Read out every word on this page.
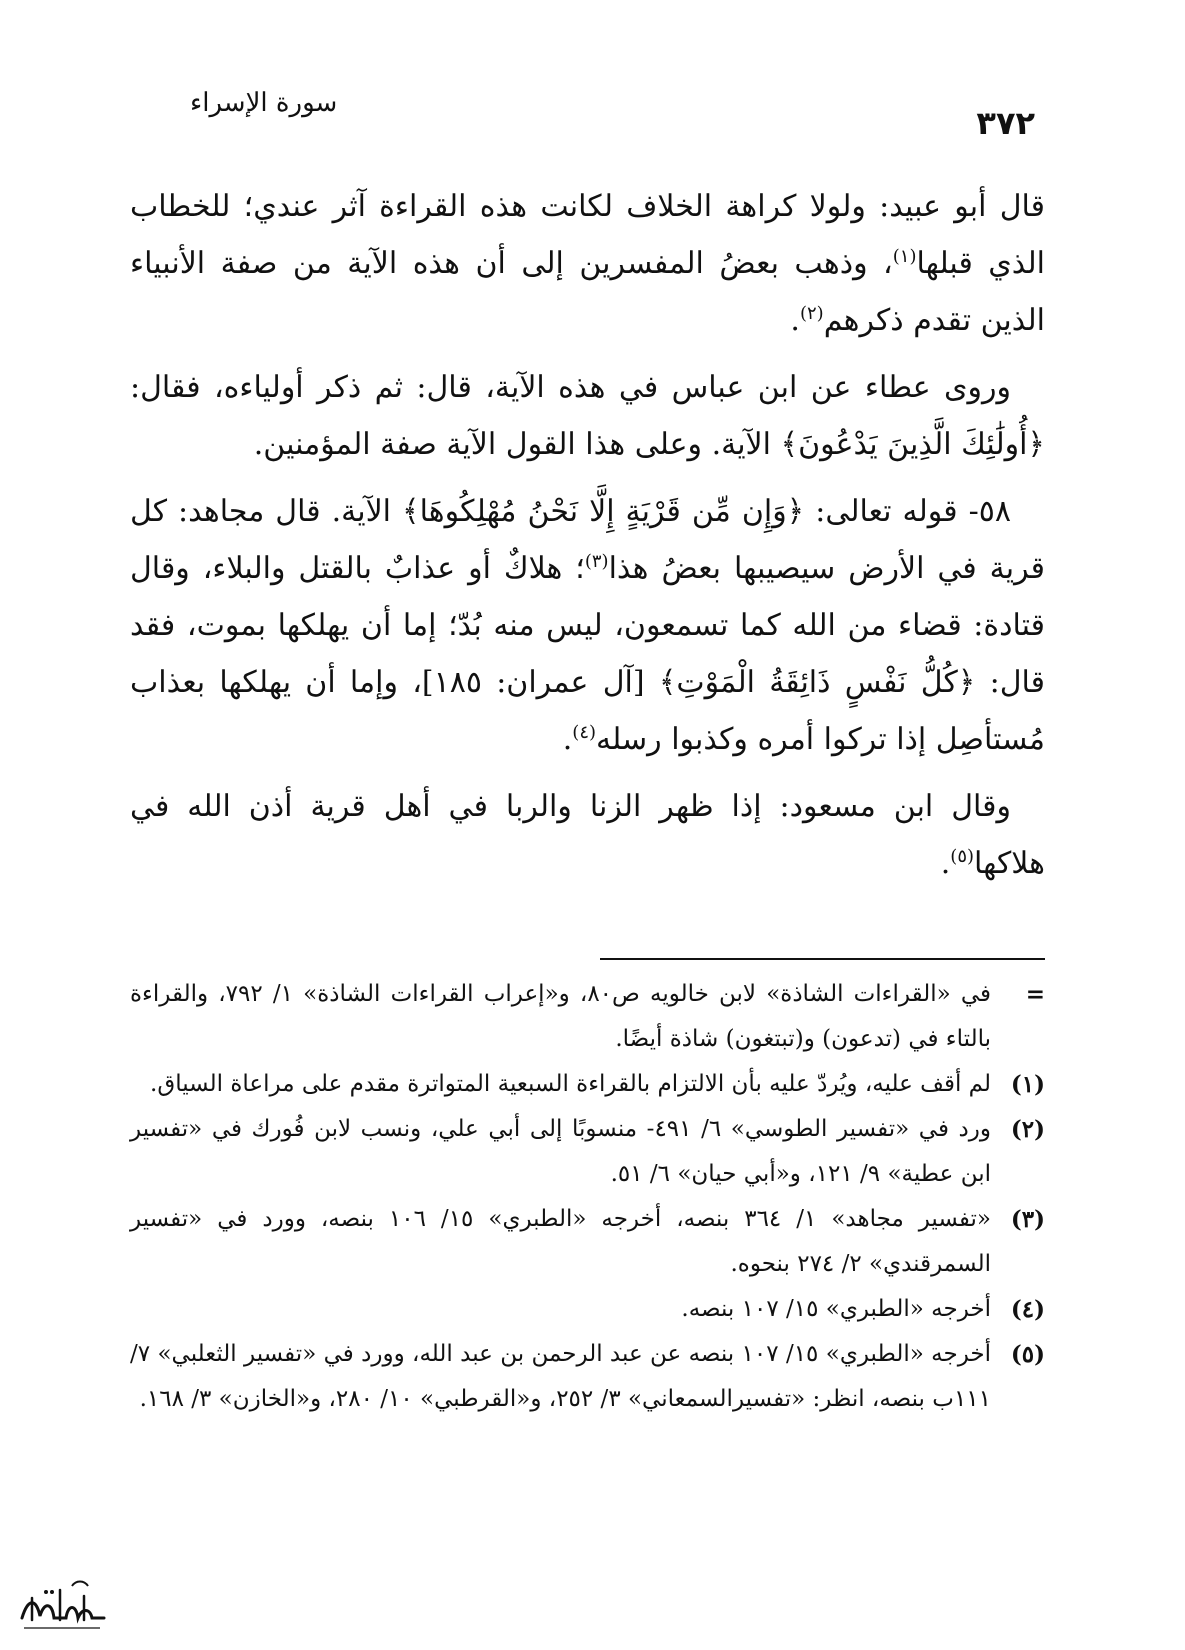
٣٧٢
سورة الإسراء

قال أبو عبيد: ولولا كراهة الخلاف لكانت هذه القراءة آثر عندي؛ للخطاب الذي قبلها$^{(١)}$، وذهب بعضُ المفسرين إلى أن هذه الآية من صفة الأنبياء الذين تقدم ذكرهم$^{(٢)}$.

وروى عطاء عن ابن عباس في هذه الآية، قال: ثم ذكر أولياءه، فقال: ﴿أُولَٰئِكَ الَّذِينَ يَدْعُونَ﴾ الآية. وعلى هذا القول الآية صفة المؤمنين.

٥٨- قوله تعالى: ﴿وَإِن مِّن قَرْيَةٍ إِلَّا نَحْنُ مُهْلِكُوهَا﴾ الآية. قال مجاهد: كل قرية في الأرض سيصيبها بعضُ هذا$^{(٣)}$؛ هلاكٌ أو عذابٌ بالقتل والبلاء، وقال قتادة: قضاء من الله كما تسمعون، ليس منه بُدّ؛ إما أن يهلكها بموت، فقد قال: ﴿كُلُّ نَفْسٍ ذَائِقَةُ الْمَوْتِ﴾ [آل عمران: ١٨٥]، وإما أن يهلكها بعذاب مُستأصِل إذا تركوا أمره وكذبوا رسله$^{(٤)}$.

وقال ابن مسعود: إذا ظهر الزنا والربا في أهل قرية أذن الله في هلاكها$^{(٥)}$.

=
في «القراءات الشاذة» لابن خالويه ص٨٠، و«إعراب القراءات الشاذة» ١/ ٧٩٢، والقراءة بالتاء في (تدعون) و(تبتغون) شاذة أيضًا.
(١)
لم أقف عليه، ويُردّ عليه بأن الالتزام بالقراءة السبعية المتواترة مقدم على مراعاة السياق.
(٢)
ورد في «تفسير الطوسي» ٦/ ٤٩١- منسوبًا إلى أبي علي، ونسب لابن فُورك في «تفسير ابن عطية» ٩/ ١٢١، و«أبي حيان» ٦/ ٥١.
(٣)
«تفسير مجاهد» ١/ ٣٦٤ بنصه، أخرجه «الطبري» ١٥/ ١٠٦ بنصه، وورد في «تفسير السمرقندي» ٢/ ٢٧٤ بنحوه.
(٤)
أخرجه «الطبري» ١٥/ ١٠٧ بنصه.
(٥)
أخرجه «الطبري» ١٥/ ١٠٧ بنصه عن عبد الرحمن بن عبد الله، وورد في «تفسير الثعلبي» ٧/ ١١١ب بنصه، انظر: «تفسيرالسمعاني» ٣/ ٢٥٢، و«القرطبي» ١٠/ ٢٨٠، و«الخازن» ٣/ ١٦٨.
